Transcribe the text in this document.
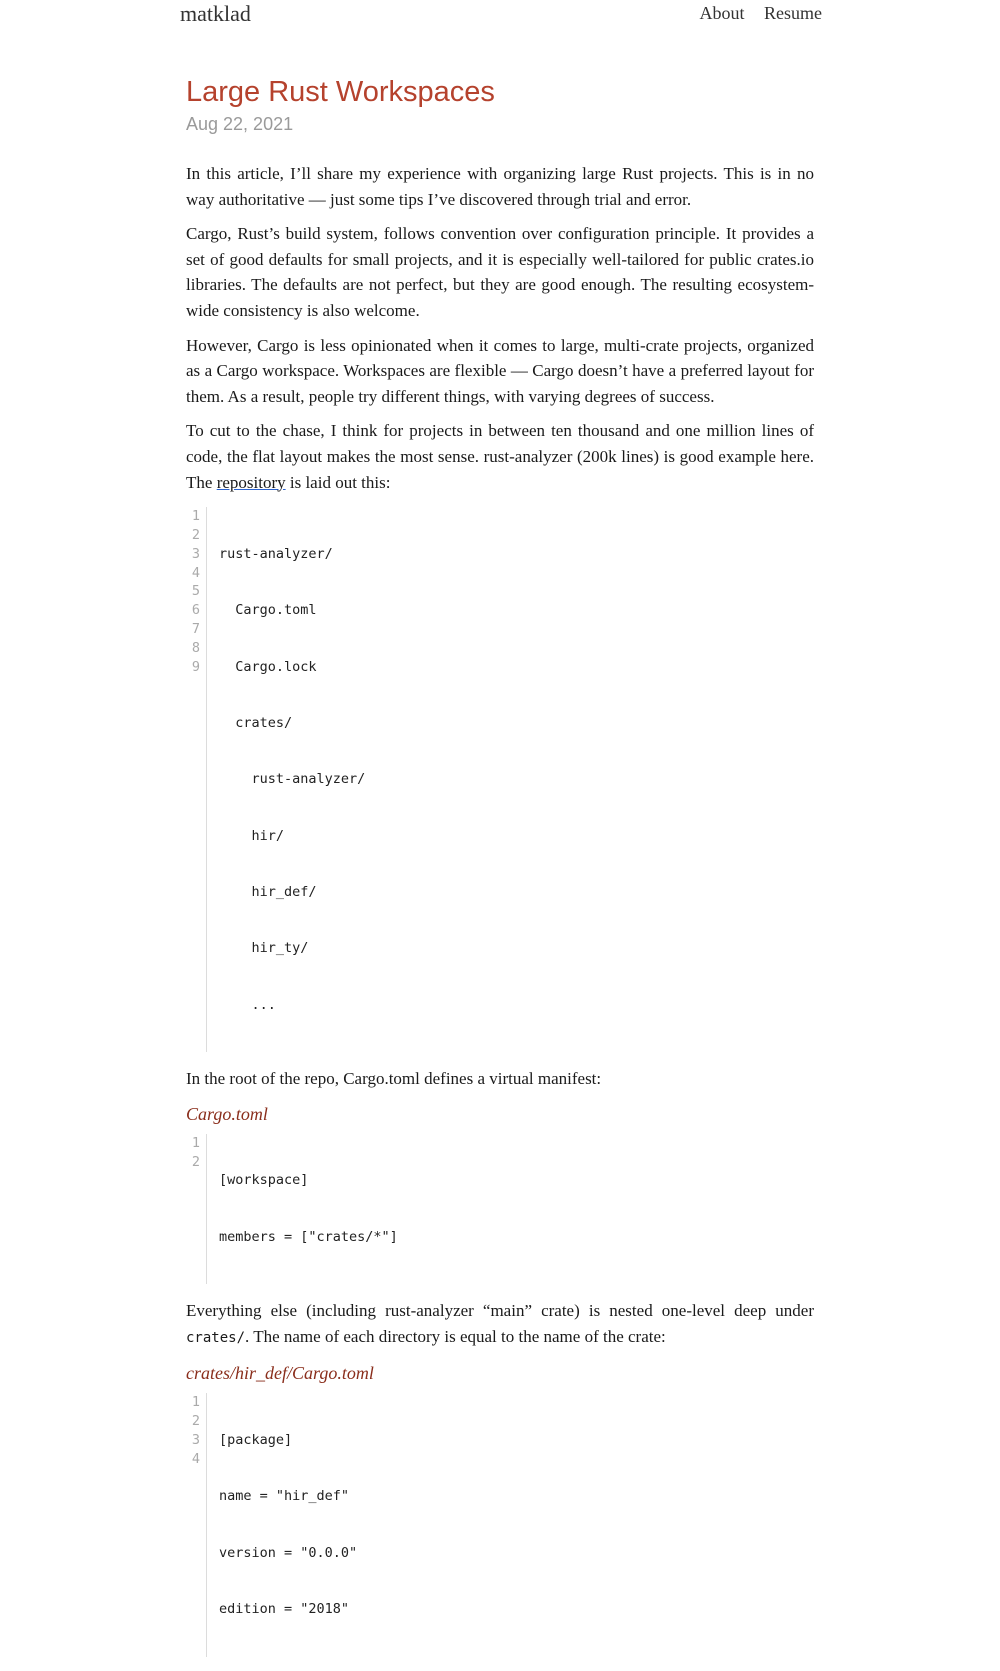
matklad	About Resume
Large Rust Workspaces
Aug 22, 2021

In this article, I’ll share my experience with organizing large Rust projects. This is in no way authoritative — just some tips I’ve discovered through trial and error.

Cargo, Rust’s build system, follows convention over configuration principle. It provides a set of good defaults for small projects, and it is especially well-tailored for public crates.io libraries. The defaults are not perfect, but they are good enough. The resulting ecosystem-wide consistency is also welcome.

However, Cargo is less opinionated when it comes to large, multi-crate projects, organized as a Cargo workspace. Workspaces are flexible — Cargo doesn’t have a preferred layout for them. As a result, people try different things, with varying degrees of success.

To cut to the chase, I think for projects in between ten thousand and one million lines of code, the flat layout makes the most sense. rust-analyzer (200k lines) is good example here. The repository is laid out this:

1
2
3
4
5
6
7
8
9

rust-analyzer/

Cargo.toml

Cargo.lock

crates/

rust-analyzer/

hir/

hir_def/

hir_ty/

...

In the root of the repo, Cargo.toml defines a virtual manifest:

Cargo.toml
1
2

[workspace]

members = ["crates/*"]

Everything else (including rust-analyzer “main” crate) is nested one-level deep under crates/. The name of each directory is equal to the name of the crate:

crates/hir_def/Cargo.toml
1
2
3
4

[package]

name = "hir_def"

version = "0.0.0"

edition = "2018"
